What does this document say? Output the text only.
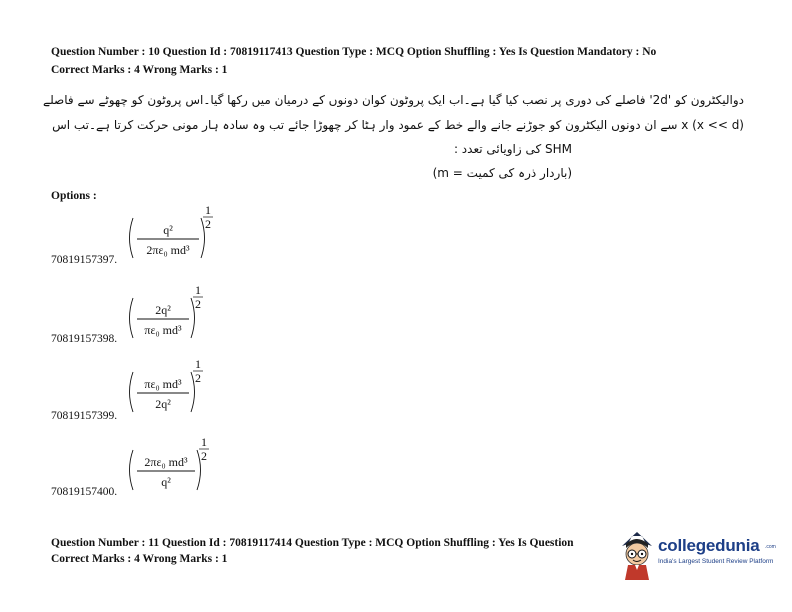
Question Number : 10 Question Id : 70819117413 Question Type : MCQ Option Shuffling : Yes Is Question Mandatory : No
Correct Marks : 4 Wrong Marks : 1
دوالیکٹرون کو '2d' فاصلے کی دوری پر نصب کیا گیا ہے۔اب ایک پروٹون کوان دونوں کے درمیان میں رکھا گیا۔اس پروٹون کو چھوٹے سے فاصلے
x (x << d) سے ان دونوں الیکٹرون کو جوڑنے جانے والے خط کے عمود وار ہٹا کر چھوڑا جائے تب وہ سادہ ہار مونی حرکت کرتا ہے۔تب اس
SHM کی زاویائی تعدد :
(باردار ذرہ کی کمیت = m)
Options :
70819157397.
q²
2πε₀ md³
1
2
70819157398.
2q²
πε₀ md³
1
2
70819157399.
πε₀ md³
2q²
1
2
70819157400.
2πε₀ md³
q²
1
2
Question Number : 11 Question Id : 70819117414 Question Type : MCQ Option Shuffling : Yes Is Question
Correct Marks : 4 Wrong Marks : 1
collegedunia .com
India's Largest Student Review Platform
